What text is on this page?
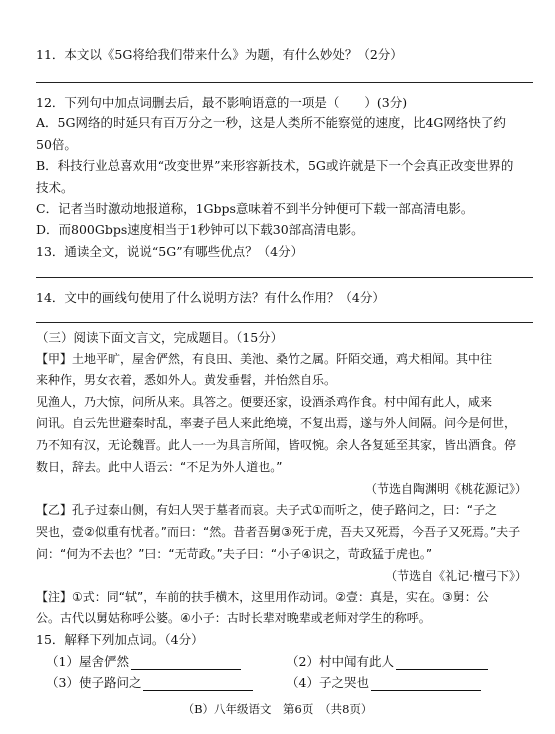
11．本文以《5G将给我们带来什么》为题，有什么妙处？（2分）
12．下列句中加点词删去后，最不影响语意的一项是（　　）(3分)
A．5G网络的时延只有百万分之一秒，这是人类所不能察觉的速度，比4G网络快了约
50倍。
B．科技行业总喜欢用“改变世界”来形容新技术，5G或许就是下一个会真正改变世界的
技术。
C．记者当时激动地报道称，1Gbps意味着不到半分钟便可下载一部高清电影。
D．而800Gbps速度相当于1秒钟可以下载30部高清电影。
13．通读全文，说说“5G”有哪些优点？（4分）
14．文中的画线句使用了什么说明方法？有什么作用？（4分）
（三）阅读下面文言文，完成题目。（15分）
【甲】土地平旷，屋舍俨然，有良田、美池、桑竹之属。阡陌交通，鸡犬相闻。其中往
来种作，男女衣着，悉如外人。黄发垂髫，并怡然自乐。
见渔人，乃大惊，问所从来。具答之。便要还家，设酒杀鸡作食。村中闻有此人，咸来
问讯。自云先世避秦时乱，率妻子邑人来此绝境，不复出焉，遂与外人间隔。问今是何世，
乃不知有汉，无论魏晋。此人一一为具言所闻，皆叹惋。余人各复延至其家，皆出酒食。停
数日，辞去。此中人语云：“不足为外人道也。”
（节选自陶渊明《桃花源记》）
【乙】孔子过泰山侧，有妇人哭于墓者而哀。夫子式①而听之，使子路问之，曰：“子之
哭也，壹②似重有忧者。”而曰：“然。昔者吾舅③死于虎，吾夫又死焉，今吾子又死焉。”夫子
问：“何为不去也？”曰：“无苛政。”夫子曰：“小子④识之，苛政猛于虎也。”
（节选自《礼记·檀弓下》）
【注】①式：同“轼”，车前的扶手横木，这里用作动词。②壹：真是，实在。③舅：公
公。古代以舅姑称呼公婆。④小子：古时长辈对晚辈或老师对学生的称呼。
15．解释下列加点词。（4分）
（1）屋舍俨然	（2）村中闻有此人
（3）使子路问之	（4）子之哭也
（B）八年级语文　第6页　（共8页）
